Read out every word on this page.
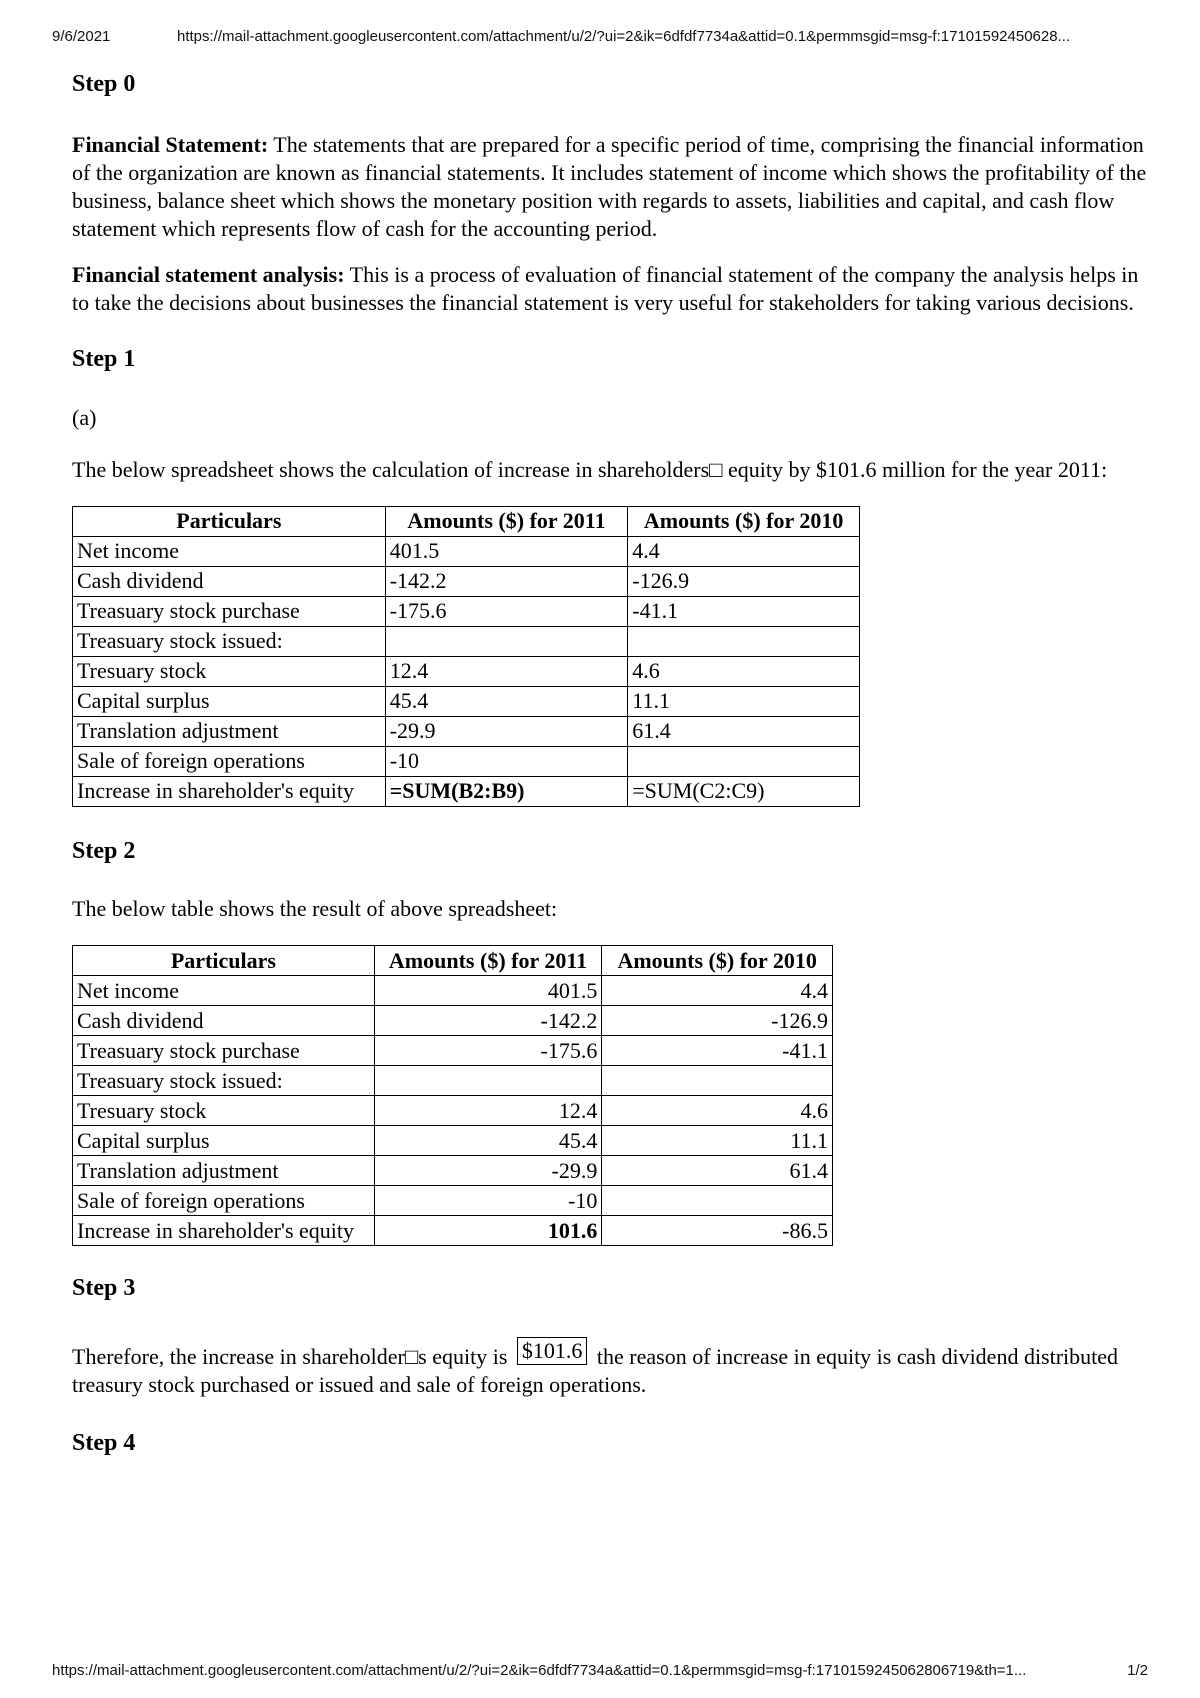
9/6/2021	https://mail-attachment.googleusercontent.com/attachment/u/2/?ui=2&ik=6dfdf7734a&attid=0.1&permmsgid=msg-f:17101592450628...
Step 0

Financial Statement: The statements that are prepared for a specific period of time, comprising the financial information of the organization are known as financial statements. It includes statement of income which shows the profitability of the business, balance sheet which shows the monetary position with regards to assets, liabilities and capital, and cash flow statement which represents flow of cash for the accounting period.

Financial statement analysis: This is a process of evaluation of financial statement of the company the analysis helps in to take the decisions about businesses the financial statement is very useful for stakeholders for taking various decisions.

Step 1

(a)

The below spreadsheet shows the calculation of increase in shareholders□ equity by $101.6 million for the year 2011:

Particulars	Amounts ($) for 2011	Amounts ($) for 2010
Net income	401.5	4.4
Cash dividend	-142.2	-126.9
Treasuary stock purchase	-175.6	-41.1
Treasuary stock issued:		
Tresuary stock	12.4	4.6
Capital surplus	45.4	11.1
Translation adjustment	-29.9	61.4
Sale of foreign operations	-10	
Increase in shareholder's equity	=SUM(B2:B9)	=SUM(C2:C9)
Step 2

The below table shows the result of above spreadsheet:

Particulars	Amounts ($) for 2011	Amounts ($) for 2010
Net income	401.5	4.4
Cash dividend	-142.2	-126.9
Treasuary stock purchase	-175.6	-41.1
Treasuary stock issued:		
Tresuary stock	12.4	4.6
Capital surplus	45.4	11.1
Translation adjustment	-29.9	61.4
Sale of foreign operations	-10	
Increase in shareholder's equity	101.6	-86.5
Step 3

Therefore, the increase in shareholder□s equity is $101.6 the reason of increase in equity is cash dividend distributed treasury stock purchased or issued and sale of foreign operations.

Step 4
https://mail-attachment.googleusercontent.com/attachment/u/2/?ui=2&ik=6dfdf7734a&attid=0.1&permmsgid=msg-f:1710159245062806719&th=1...	1/2
